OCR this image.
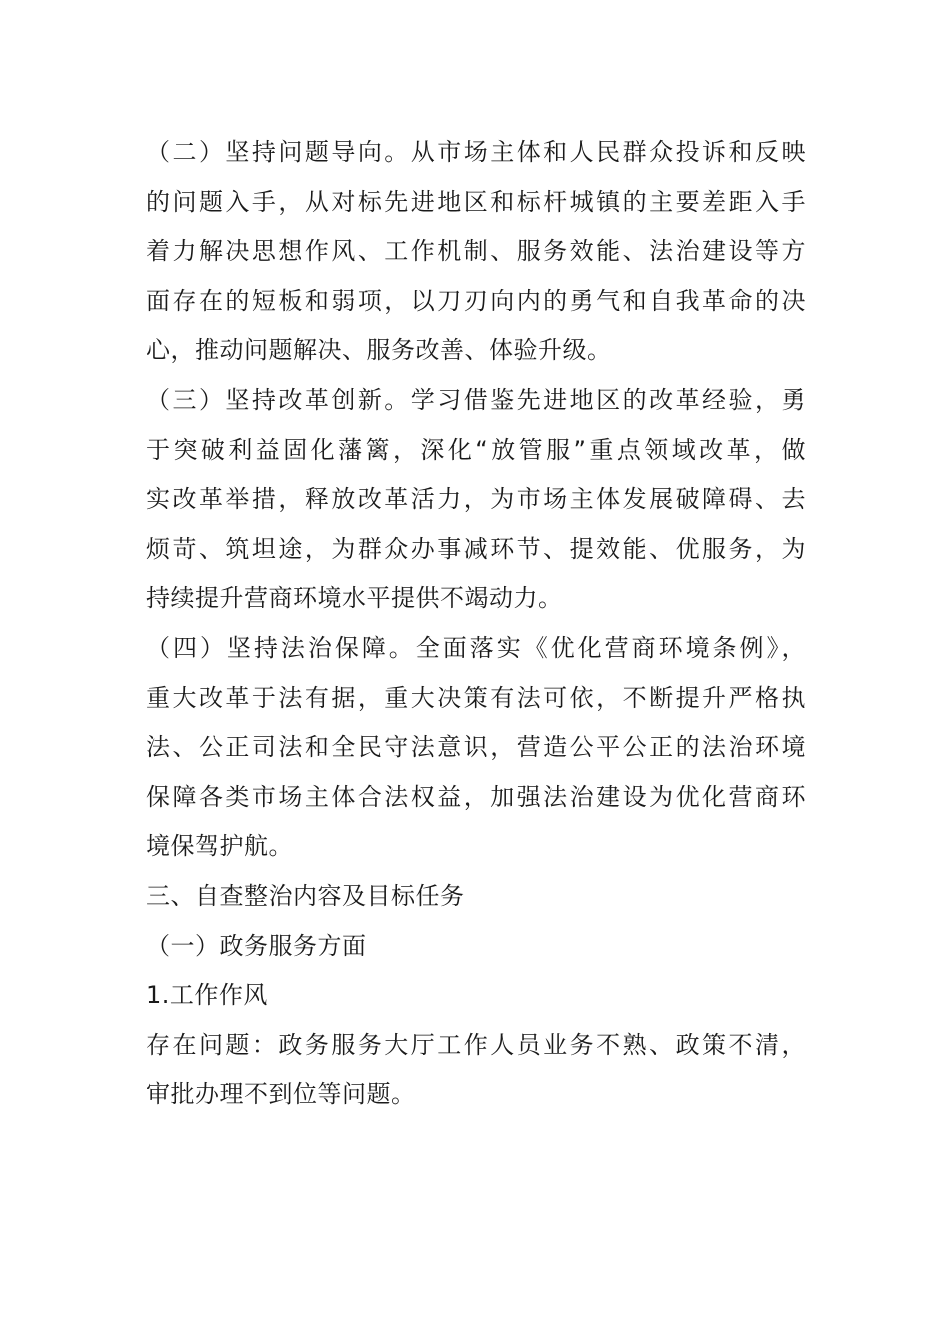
（二）坚持问题导向。从市场主体和人民群众投诉和反映
的问题入手，从对标先进地区和标杆城镇的主要差距入手
着力解决思想作风、工作机制、服务效能、法治建设等方
面存在的短板和弱项，以刀刃向内的勇气和自我革命的决
心，推动问题解决、服务改善、体验升级。
（三）坚持改革创新。学习借鉴先进地区的改革经验，勇
于突破利益固化藩篱，深化“放管服”重点领域改革，做
实改革举措，释放改革活力，为市场主体发展破障碍、去
烦苛、筑坦途，为群众办事减环节、提效能、优服务，为
持续提升营商环境水平提供不竭动力。
（四）坚持法治保障。全面落实《优化营商环境条例》，
重大改革于法有据，重大决策有法可依，不断提升严格执
法、公正司法和全民守法意识，营造公平公正的法治环境
保障各类市场主体合法权益，加强法治建设为优化营商环
境保驾护航。
三、自查整治内容及目标任务
（一）政务服务方面
1.工作作风
存在问题：政务服务大厅工作人员业务不熟、政策不清，
审批办理不到位等问题。
